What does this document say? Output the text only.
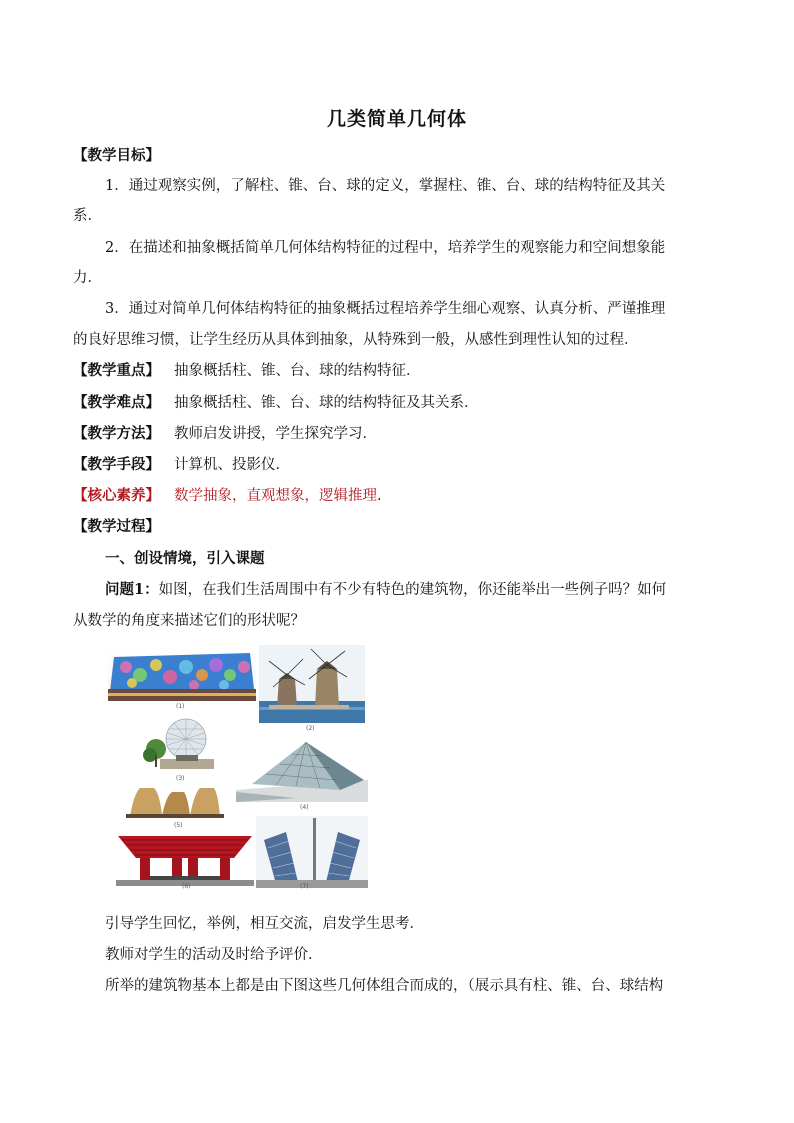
几类简单几何体
【教学目标】
1．通过观察实例，了解柱、锥、台、球的定义，掌握柱、锥、台、球的结构特征及其关
系．
2．在描述和抽象概括简单几何体结构特征的过程中，培养学生的观察能力和空间想象能
力．
3．通过对简单几何体结构特征的抽象概括过程培养学生细心观察、认真分析、严谨推理
的良好思维习惯，让学生经历从具体到抽象，从特殊到一般，从感性到理性认知的过程．
【教学重点】 抽象概括柱、锥、台、球的结构特征．
【教学难点】 抽象概括柱、锥、台、球的结构特征及其关系．
【教学方法】 教师启发讲授，学生探究学习．
【教学手段】 计算机、投影仪．
【核心素养】 数学抽象，直观想象，逻辑推理．
【教学过程】
一、创设情境，引入课题
问题1：如图，在我们生活周围中有不少有特色的建筑物，你还能举出一些例子吗？如何
从数学的角度来描述它们的形状呢？
(2)
(1)
(3)
(4)
(5)
(6)	(7)
引导学生回忆，举例，相互交流，启发学生思考．
教师对学生的活动及时给予评价．
所举的建筑物基本上都是由下图这些几何体组合而成的，（展示具有柱、锥、台、球结构
